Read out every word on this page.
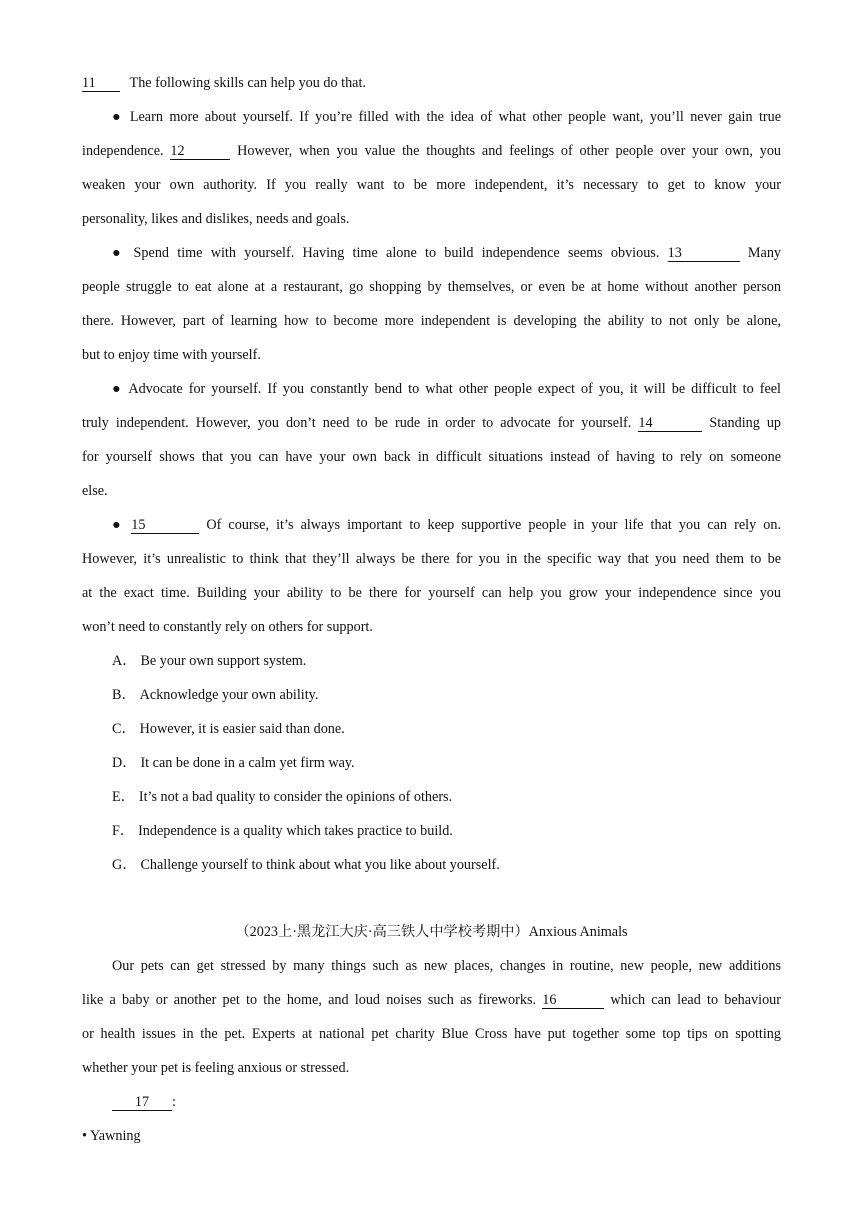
11 The following skills can help you do that.
● Learn more about yourself. If you’re filled with the idea of what other people want, you’ll never gain true
independence. 12	However, when you value the thoughts and feelings of other people over your own, you
weaken your own authority. If you really want to be more independent, it’s necessary to get to know your
personality, likes and dislikes, needs and goals.
● Spend time with yourself. Having time alone to build independence seems obvious. 13	Many
people struggle to eat alone at a restaurant, go shopping by themselves, or even be at home without another person
there. However, part of learning how to become more independent is developing the ability to not only be alone,
but to enjoy time with yourself.
● Advocate for yourself. If you constantly bend to what other people expect of you, it will be difficult to feel
truly independent. However, you don’t need to be rude in order to advocate for yourself. 14	Standing up
for yourself shows that you can have your own back in difficult situations instead of having to rely on someone
else.
● 15	Of course, it’s always important to keep supportive people in your life that you can rely on.
However, it’s unrealistic to think that they’ll always be there for you in the specific way that you need them to be
at the exact time. Building your ability to be there for yourself can help you grow your independence since you
won’t need to constantly rely on others for support.
A． Be your own support system.
B． Acknowledge your own ability.
C． However, it is easier said than done.
D． It can be done in a calm yet firm way.
E． It’s not a bad quality to consider the opinions of others.
F． Independence is a quality which takes practice to build.
G． Challenge yourself to think about what you like about yourself.
（2023上·黑龙江大庆·高三铁人中学校考期中）Anxious Animals
Our pets can get stressed by many things such as new places, changes in routine, new people, new additions
like a baby or another pet to the home, and loud noises such as fireworks. 16	which can lead to behaviour
or health issues in the pet. Experts at national pet charity Blue Cross have put together some top tips on spotting
whether your pet is feeling anxious or stressed.
17 :
• Yawning
